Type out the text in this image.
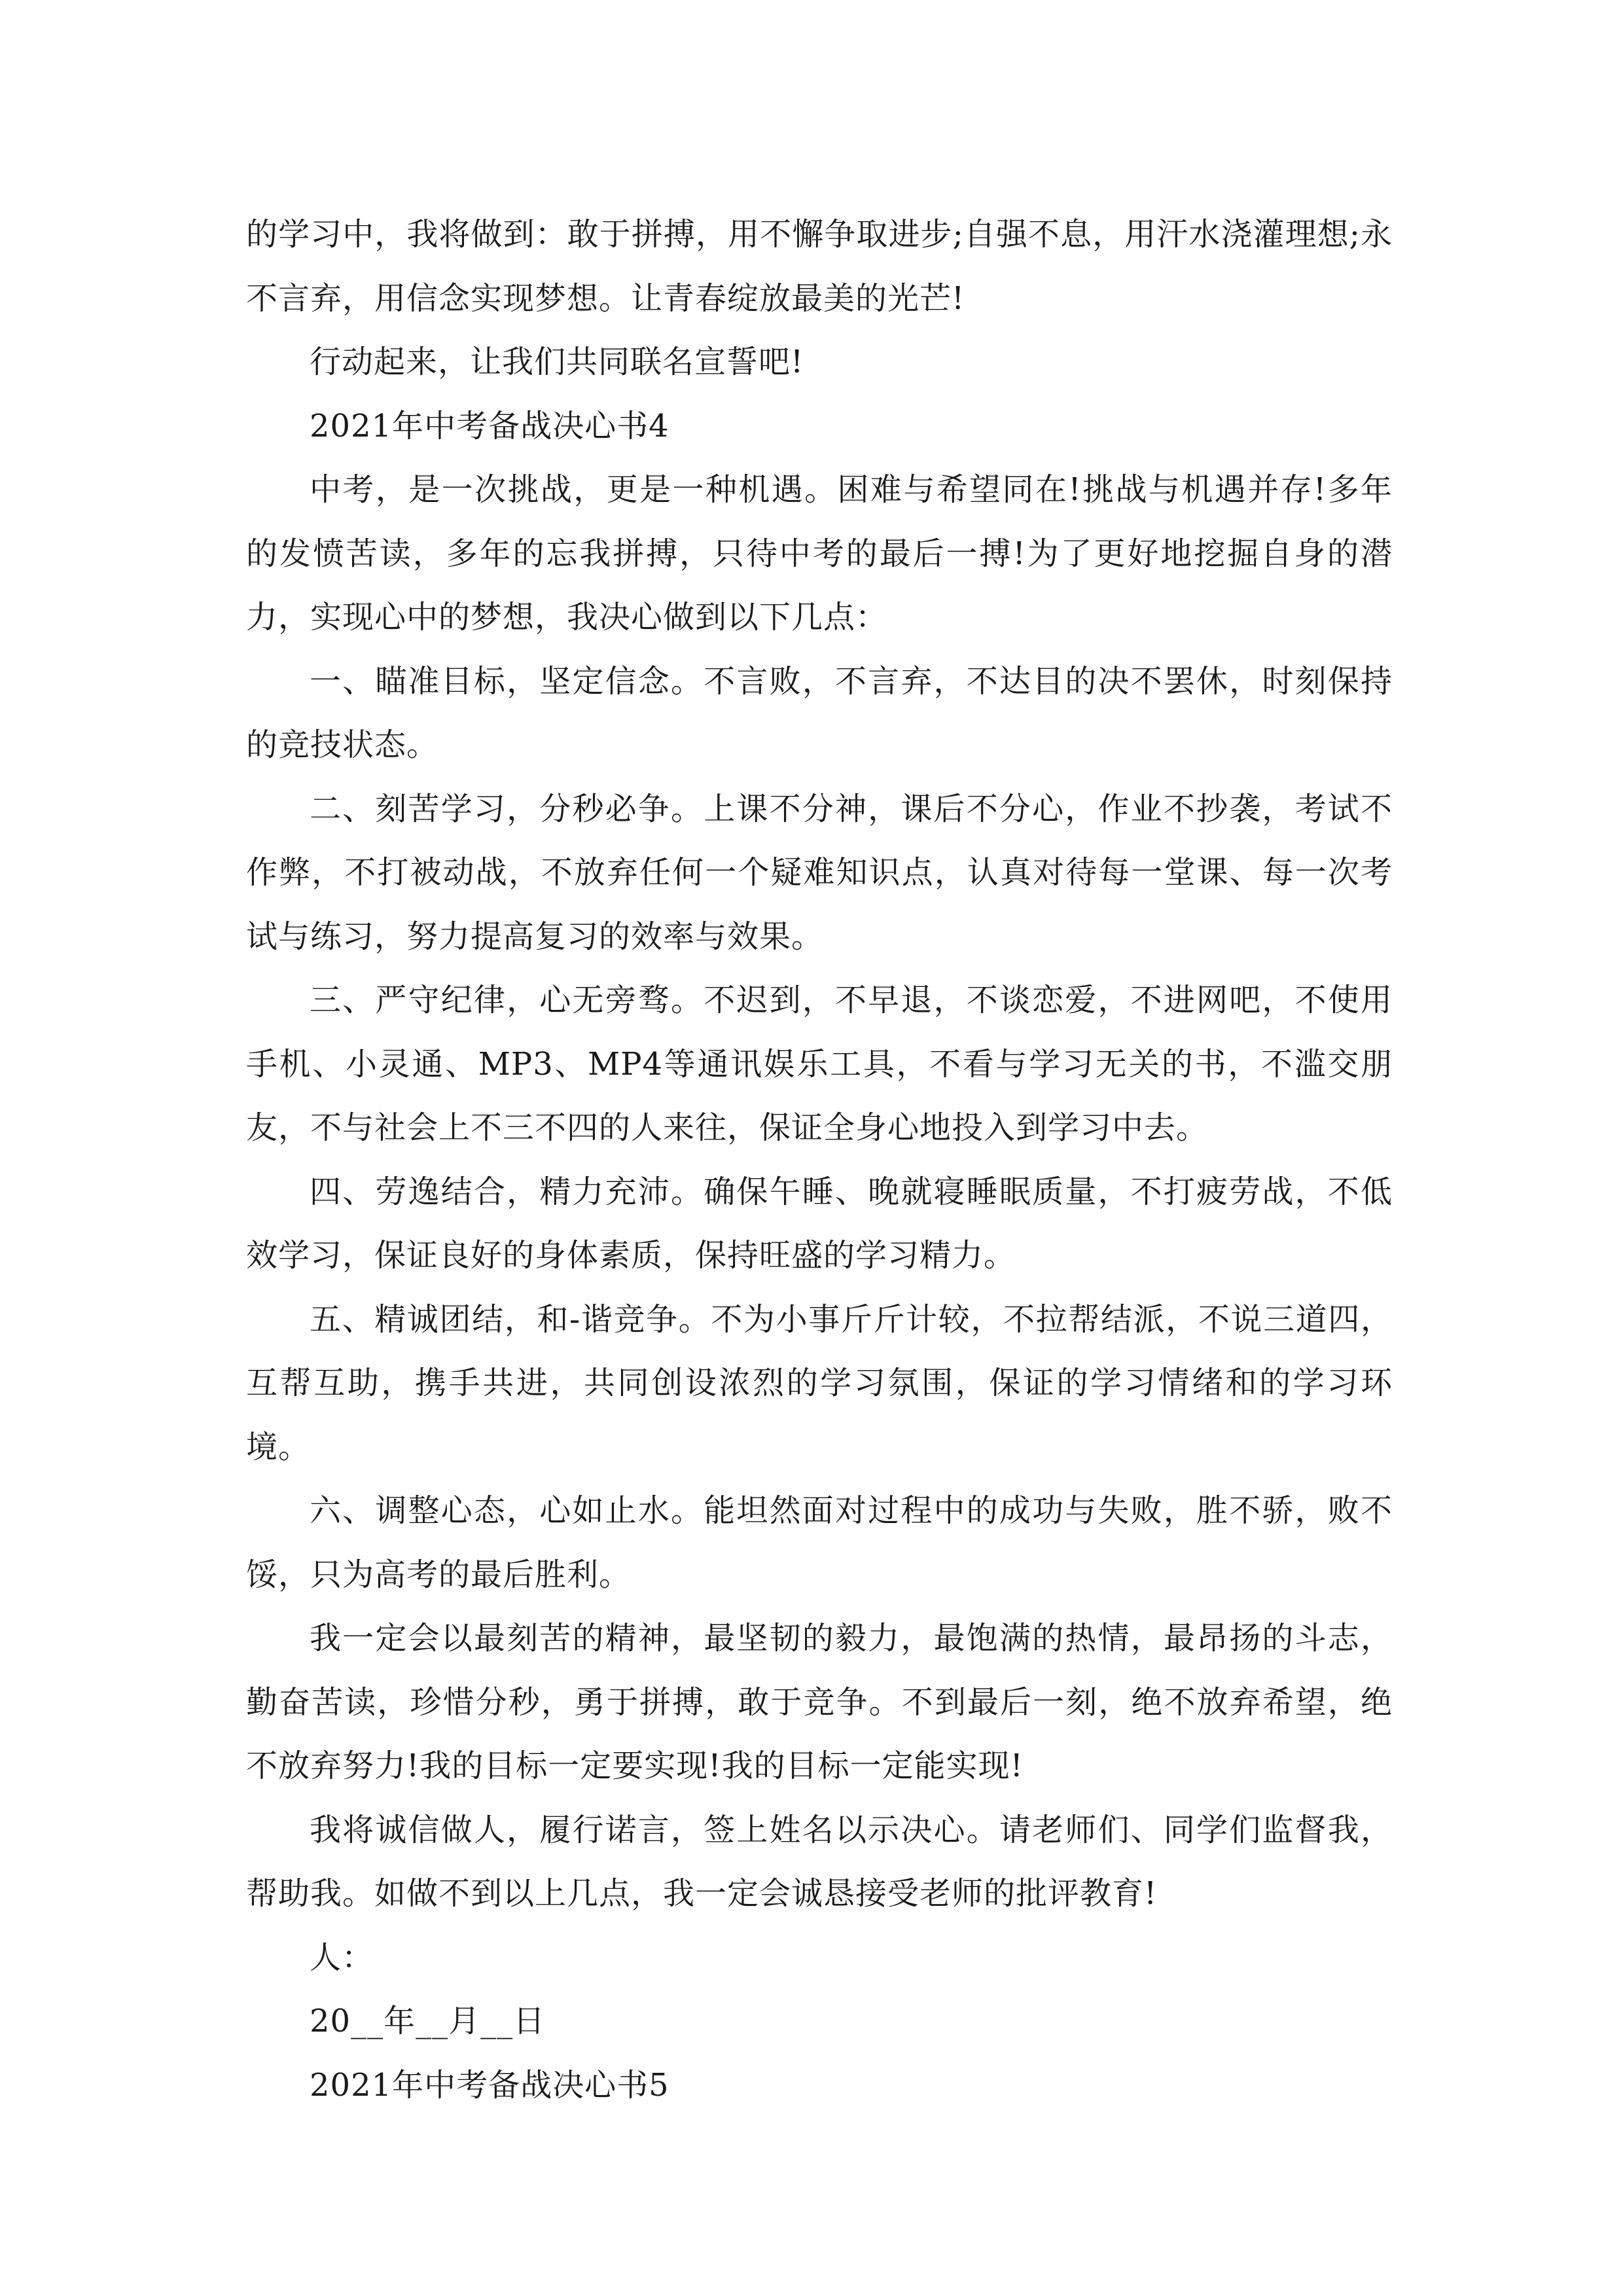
的学习中，我将做到：敢于拼搏，用不懈争取进步;自强不息，用汗水浇灌理想;永不言弃，用信念实现梦想。让青春绽放最美的光芒!

行动起来，让我们共同联名宣誓吧!

2021年中考备战决心书4

中考，是一次挑战，更是一种机遇。困难与希望同在!挑战与机遇并存!多年的发愤苦读，多年的忘我拼搏，只待中考的最后一搏!为了更好地挖掘自身的潜力，实现心中的梦想，我决心做到以下几点：

一、瞄准目标，坚定信念。不言败，不言弃，不达目的决不罢休，时刻保持的竞技状态。

二、刻苦学习，分秒必争。上课不分神，课后不分心，作业不抄袭，考试不作弊，不打被动战，不放弃任何一个疑难知识点，认真对待每一堂课、每一次考试与练习，努力提高复习的效率与效果。

三、严守纪律，心无旁骛。不迟到，不早退，不谈恋爱，不进网吧，不使用手机、小灵通、MP3、MP4等通讯娱乐工具，不看与学习无关的书，不滥交朋友，不与社会上不三不四的人来往，保证全身心地投入到学习中去。

四、劳逸结合，精力充沛。确保午睡、晚就寝睡眠质量，不打疲劳战，不低效学习，保证良好的身体素质，保持旺盛的学习精力。

五、精诚团结，和-谐竞争。不为小事斤斤计较，不拉帮结派，不说三道四，互帮互助，携手共进，共同创设浓烈的学习氛围，保证的学习情绪和的学习环境。

六、调整心态，心如止水。能坦然面对过程中的成功与失败，胜不骄，败不馁，只为高考的最后胜利。

我一定会以最刻苦的精神，最坚韧的毅力，最饱满的热情，最昂扬的斗志，勤奋苦读，珍惜分秒，勇于拼搏，敢于竞争。不到最后一刻，绝不放弃希望，绝不放弃努力!我的目标一定要实现!我的目标一定能实现!

我将诚信做人，履行诺言，签上姓名以示决心。请老师们、同学们监督我，帮助我。如做不到以上几点，我一定会诚恳接受老师的批评教育!

人：

20__年__月__日

2021年中考备战决心书5
